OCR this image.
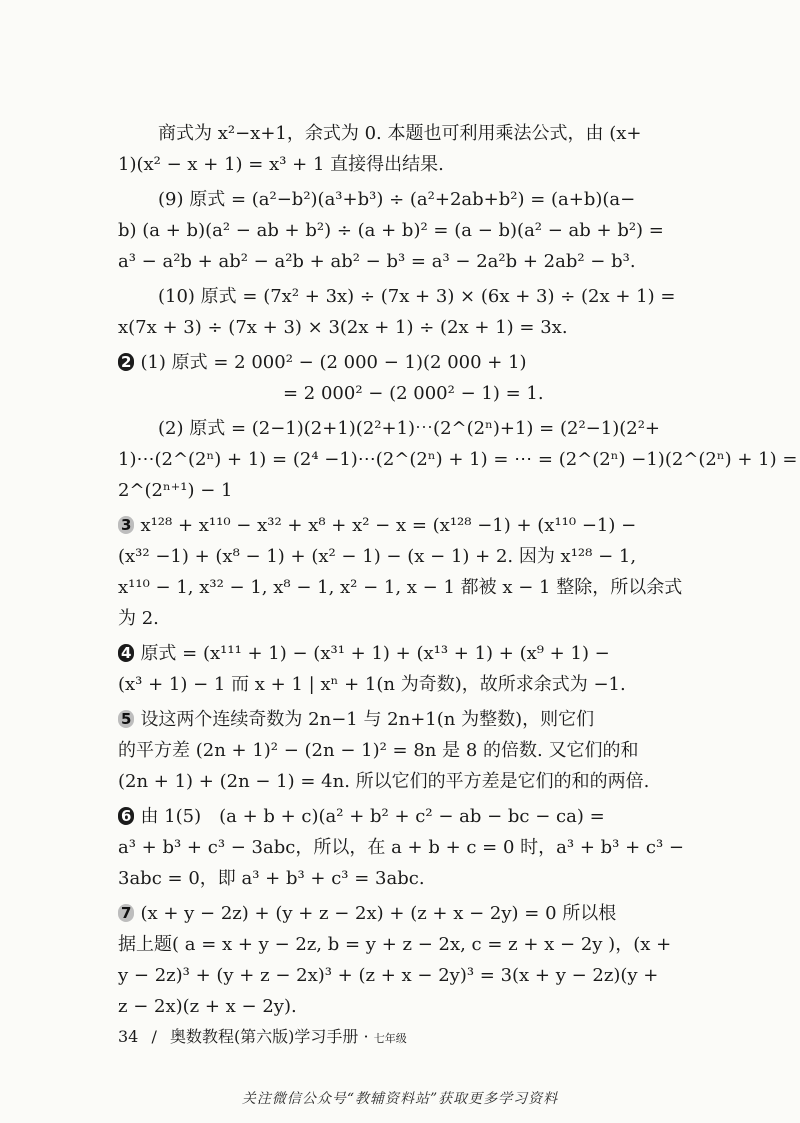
商式为 x²−x+1，余式为 0. 本题也可利用乘法公式，由 (x+
1)(x² − x + 1) = x³ + 1 直接得出结果.
(9) 原式 = (a²−b²)(a³+b³) ÷ (a²+2ab+b²) = (a+b)(a−
b) (a + b)(a² − ab + b²) ÷ (a + b)² = (a − b)(a² − ab + b²) =
a³ − a²b + ab² − a²b + ab² − b³ = a³ − 2a²b + 2ab² − b³.
(10) 原式 = (7x² + 3x) ÷ (7x + 3) × (6x + 3) ÷ (2x + 1) =
x(7x + 3) ÷ (7x + 3) × 3(2x + 1) ÷ (2x + 1) = 3x.
2 (1) 原式 = 2 000² − (2 000 − 1)(2 000 + 1)
= 2 000² − (2 000² − 1) = 1.
(2) 原式 = (2−1)(2+1)(2²+1)⋯(2^(2ⁿ)+1) = (2²−1)(2²+
1)⋯(2^(2ⁿ) + 1) = (2⁴ −1)⋯(2^(2ⁿ) + 1) = ⋯ = (2^(2ⁿ) −1)(2^(2ⁿ) + 1) =
2^(2ⁿ⁺¹) − 1
3 x¹²⁸ + x¹¹⁰ − x³² + x⁸ + x² − x = (x¹²⁸ −1) + (x¹¹⁰ −1) −
(x³² −1) + (x⁸ − 1) + (x² − 1) − (x − 1) + 2. 因为 x¹²⁸ − 1,
x¹¹⁰ − 1, x³² − 1, x⁸ − 1, x² − 1, x − 1 都被 x − 1 整除，所以余式
为 2.
4 原式 = (x¹¹¹ + 1) − (x³¹ + 1) + (x¹³ + 1) + (x⁹ + 1) −
(x³ + 1) − 1 而 x + 1 | xⁿ + 1(n 为奇数)，故所求余式为 −1.
5 设这两个连续奇数为 2n−1 与 2n+1(n 为整数)，则它们
的平方差 (2n + 1)² − (2n − 1)² = 8n 是 8 的倍数. 又它们的和
(2n + 1) + (2n − 1) = 4n. 所以它们的平方差是它们的和的两倍.
6 由 1(5)　(a + b + c)(a² + b² + c² − ab − bc − ca) =
a³ + b³ + c³ − 3abc，所以，在 a + b + c = 0 时，a³ + b³ + c³ −
3abc = 0，即 a³ + b³ + c³ = 3abc.
7 (x + y − 2z) + (y + z − 2x) + (z + x − 2y) = 0 所以根
据上题( a = x + y − 2z, b = y + z − 2x, c = z + x − 2y )，(x +
y − 2z)³ + (y + z − 2x)³ + (z + x − 2y)³ = 3(x + y − 2z)(y +
z − 2x)(z + x − 2y).
34 / 奥数教程(第六版)学习手册 · 七年级
关注微信公众号“教辅资料站”获取更多学习资料
